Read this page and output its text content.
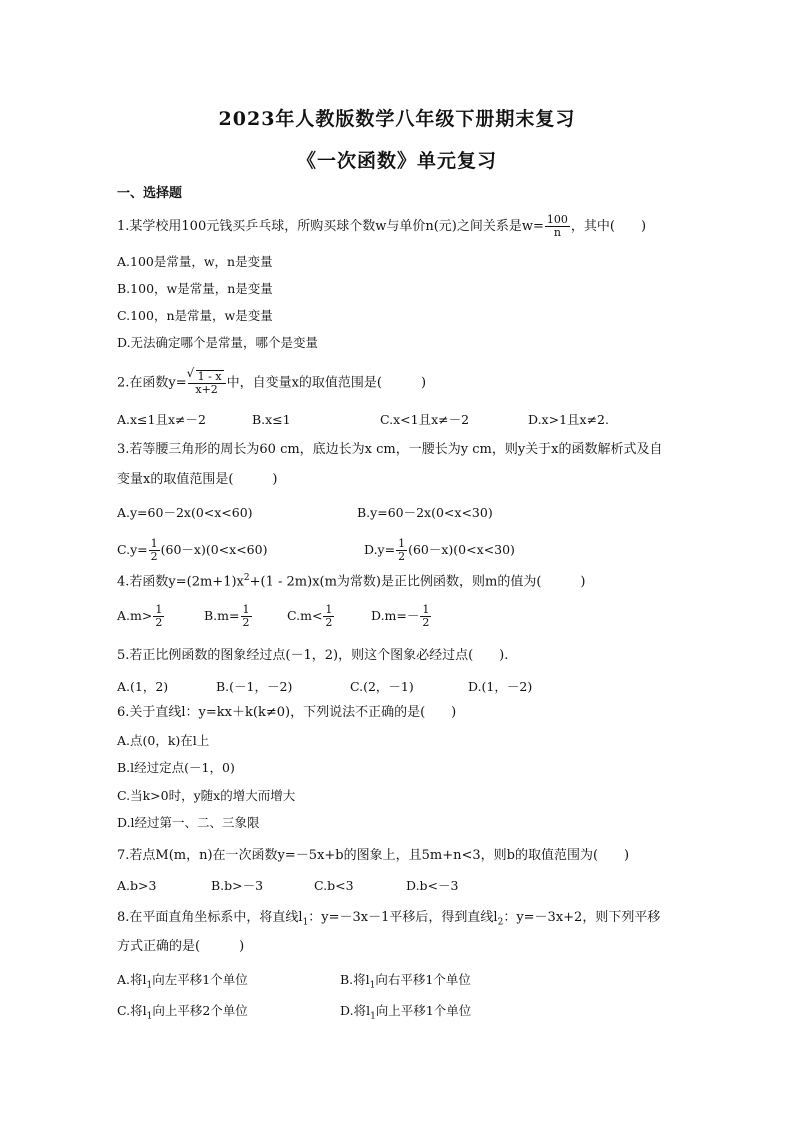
2023年人教版数学八年级下册期末复习
《一次函数》单元复习
一、选择题
1.某学校用100元钱买乒乓球，所购买球个数w与单价n(元)之间关系是$w= \frac{100}{n}$ ，其中(　　)
A.100是常量，w，n是变量
B.100，w是常量，n是变量
C.100，n是常量，w是变量
D.无法确定哪个是常量，哪个是变量
2.在函数y=
√ $\frac{1 - x}{x+2}$ 中，自变量x的取值范围是(　　　)
A.x≤1且x≠－2	B.x≤1	C.x<1且x≠－2	D.x>1且x≠2.
3.若等腰三角形的周长为60 cm，底边长为x cm，一腰长为y cm，则y关于x的函数解析式及自
变量x的取值范围是(　　　)
A.y=60－2x(0<x<60)	B.y=60－2x(0<x<30)
$C.y= \frac{1}{2} (60-x)(0<x<60)$	$D.y= \frac{1}{2} (60-x)(0<x<30)$
4.若函数$y=(2m+1)x^2+(1 - 2m)x(m$为常数)是正比例函数，则m的值为(　　　)
$A.m> \frac{1}{2}$	$B.m= \frac{1}{2}$	$C.m< \frac{1}{2}$	$D.m=- \frac{1}{2}$
5.若正比例函数的图象经过点(－1，2)，则这个图象必经过点(　　).
A.(1，2)	B.(－1，－2)	C.(2，－1)	D.(1，－2)
6.关于直线l：y=kx＋k(k≠0)，下列说法不正确的是(　　)
A.点(0，k)在l上
B.l经过定点(－1，0)
C.当k>0时，y随x的增大而增大
D.l经过第一、二、三象限
7.若点M(m，n)在一次函数y=－5x+b的图象上，且5m+n<3，则b的取值范围为(　　)
A.b>3	B.b>－3	C.b<3	D.b<－3
8.在平面直角坐标系中，将直线$l_1$：y=－3x－1平移后，得到直线$l_2$：y=－3x+2，则下列平移
方式正确的是(　　　)
A.将$l_1$向左平移1个单位	B.将$l_1$向右平移1个单位
C.将$l_1$向上平移2个单位	D.将$l_1$向上平移1个单位
